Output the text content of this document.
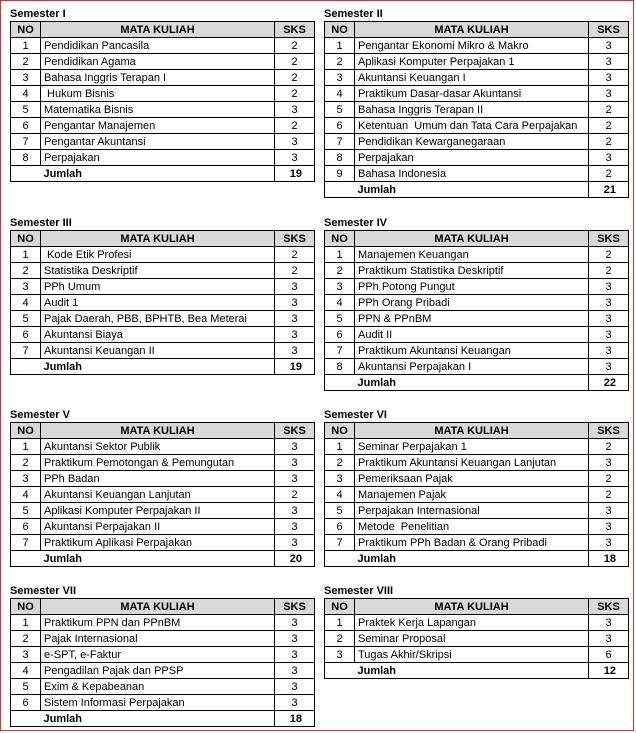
Semester I
NO	MATA KULIAH	SKS
1	Pendidikan Pancasila	2
2	Pendidikan Agama	2
3	Bahasa Inggris Terapan I	2
4	Hukum Bisnis	2
5	Matematika Bisnis	3
6	Pengantar Manajemen	2
7	Pengantar Akuntansi	3
8	Perpajakan	3
	Jumlah	19
Semester II
NO	MATA KULIAH	SKS
1	Pengantar Ekonomi Mikro & Makro	3
2	Aplikasi Komputer Perpajakan 1	3
3	Akuntansi Keuangan I	3
4	Praktikum Dasar-dasar Akuntansi	3
5	Bahasa Inggris Terapan II	2
6	Ketentuan  Umum dan Tata Cara Perpajakan	2
7	Pendidikan Kewarganegaraan	2
8	Perpajakan	3
9	Bahasa Indonesia	2
	Jumlah	21
Semester III
NO	MATA KULIAH	SKS
1	Kode Etik Profesi	2
2	Statistika Deskriptif	2
3	PPh Umum	3
4	Audit 1	3
5	Pajak Daerah, PBB, BPHTB, Bea Meterai	3
6	Akuntansi Biaya	3
7	Akuntansi Keuangan II	3
	Jumlah	19
Semester IV
NO	MATA KULIAH	SKS
1	Manajemen Keuangan	2
2	Praktikum Statistika Deskriptif	2
3	PPh Potong Pungut	3
4	PPh Orang Pribadi	3
5	PPN & PPnBM	3
6	Audit II	3
7	Praktikum Akuntansi Keuangan	3
8	Akuntansi Perpajakan I	3
	Jumlah	22
Semester V
NO	MATA KULIAH	SKS
1	Akuntansi Sektor Publik	3
2	Praktikum Pemotongan & Pemungutan	3
3	PPh Badan	3
4	Akuntansi Keuangan Lanjutan	2
5	Aplikasi Komputer Perpajakan II	3
6	Akuntansi Perpajakan II	3
7	Praktikum Aplikasi Perpajakan	3
	Jumlah	20
Semester VI
NO	MATA KULIAH	SKS
1	Seminar Perpajakan 1	2
2	Praktikum Akuntansi Keuangan Lanjutan	3
3	Pemeriksaan Pajak	2
4	Manajemen Pajak	2
5	Perpajakan Internasional	3
6	Metode  Penelitian	3
7	Praktikum PPh Badan & Orang Pribadi	3
	Jumlah	18
Semester VII
NO	MATA KULIAH	SKS
1	Praktikum PPN dan PPnBM	3
2	Pajak Internasional	3
3	e-SPT, e-Faktur	3
4	Pengadilan Pajak dan PPSP	3
5	Exim & Kepabeanan	3
6	Sistem Informasi Perpajakan	3
	Jumlah	18
Semester VIII
NO	MATA KULIAH	SKS
1	Praktek Kerja Lapangan	3
2	Seminar Proposal	3
3	Tugas Akhir/Skripsi	6
	Jumlah	12
